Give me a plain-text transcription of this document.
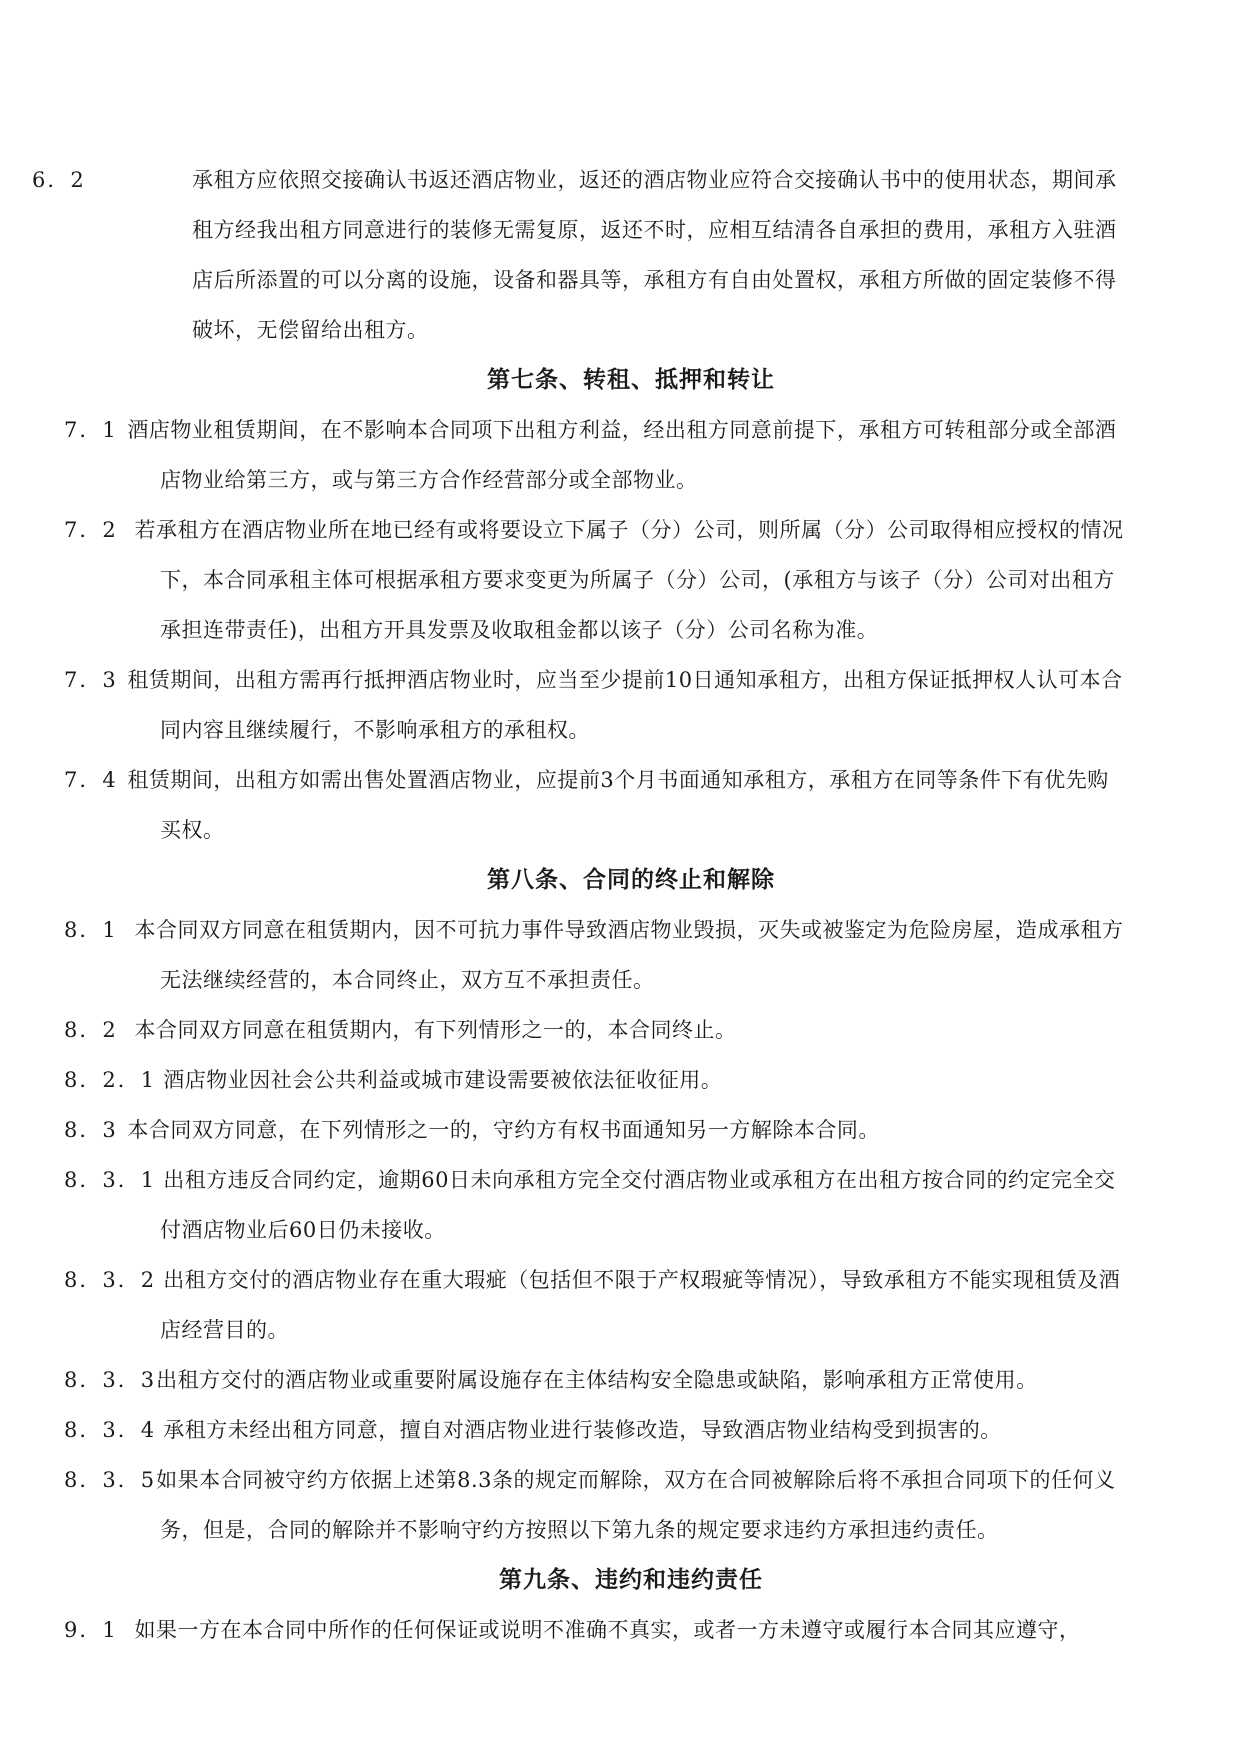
6．2	承租方应依照交接确认书返还酒店物业，返还的酒店物业应符合交接确认书中的使用状态，期间承租方经我出租方同意进行的装修无需复原，返还不时，应相互结清各自承担的费用，承租方入驻酒店后所添置的可以分离的设施，设备和器具等，承租方有自由处置权，承租方所做的固定装修不得破坏，无偿留给出租方。
第七条、转租、抵押和转让
7．1 酒店物业租赁期间，在不影响本合同项下出租方利益，经出租方同意前提下，承租方可转租部分或全部酒店物业给第三方，或与第三方合作经营部分或全部物业。
7．2 若承租方在酒店物业所在地已经有或将要设立下属子（分）公司，则所属（分）公司取得相应授权的情况下，本合同承租主体可根据承租方要求变更为所属子（分）公司，(承租方与该子（分）公司对出租方承担连带责任)，出租方开具发票及收取租金都以该子（分）公司名称为准。
7．3 租赁期间，出租方需再行抵押酒店物业时，应当至少提前10日通知承租方，出租方保证抵押权人认可本合同内容且继续履行，不影响承租方的承租权。
7．4 租赁期间，出租方如需出售处置酒店物业，应提前3个月书面通知承租方，承租方在同等条件下有优先购买权。
第八条、合同的终止和解除
8．1 本合同双方同意在租赁期内，因不可抗力事件导致酒店物业毁损，灭失或被鉴定为危险房屋，造成承租方无法继续经营的，本合同终止，双方互不承担责任。
8．2 本合同双方同意在租赁期内，有下列情形之一的，本合同终止。
8．2．1 酒店物业因社会公共利益或城市建设需要被依法征收征用。
8．3 本合同双方同意，在下列情形之一的，守约方有权书面通知另一方解除本合同。
8．3．1 出租方违反合同约定，逾期60日未向承租方完全交付酒店物业或承租方在出租方按合同的约定完全交付酒店物业后60日仍未接收。
8．3．2 出租方交付的酒店物业存在重大瑕疵（包括但不限于产权瑕疵等情况），导致承租方不能实现租赁及酒店经营目的。
8．3．3出租方交付的酒店物业或重要附属设施存在主体结构安全隐患或缺陷，影响承租方正常使用。
8．3．4 承租方未经出租方同意，擅自对酒店物业进行装修改造，导致酒店物业结构受到损害的。
8．3．5如果本合同被守约方依据上述第8.3条的规定而解除，双方在合同被解除后将不承担合同项下的任何义务，但是，合同的解除并不影响守约方按照以下第九条的规定要求违约方承担违约责任。
第九条、违约和违约责任
9．1 如果一方在本合同中所作的任何保证或说明不准确不真实，或者一方未遵守或履行本合同其应遵守，
